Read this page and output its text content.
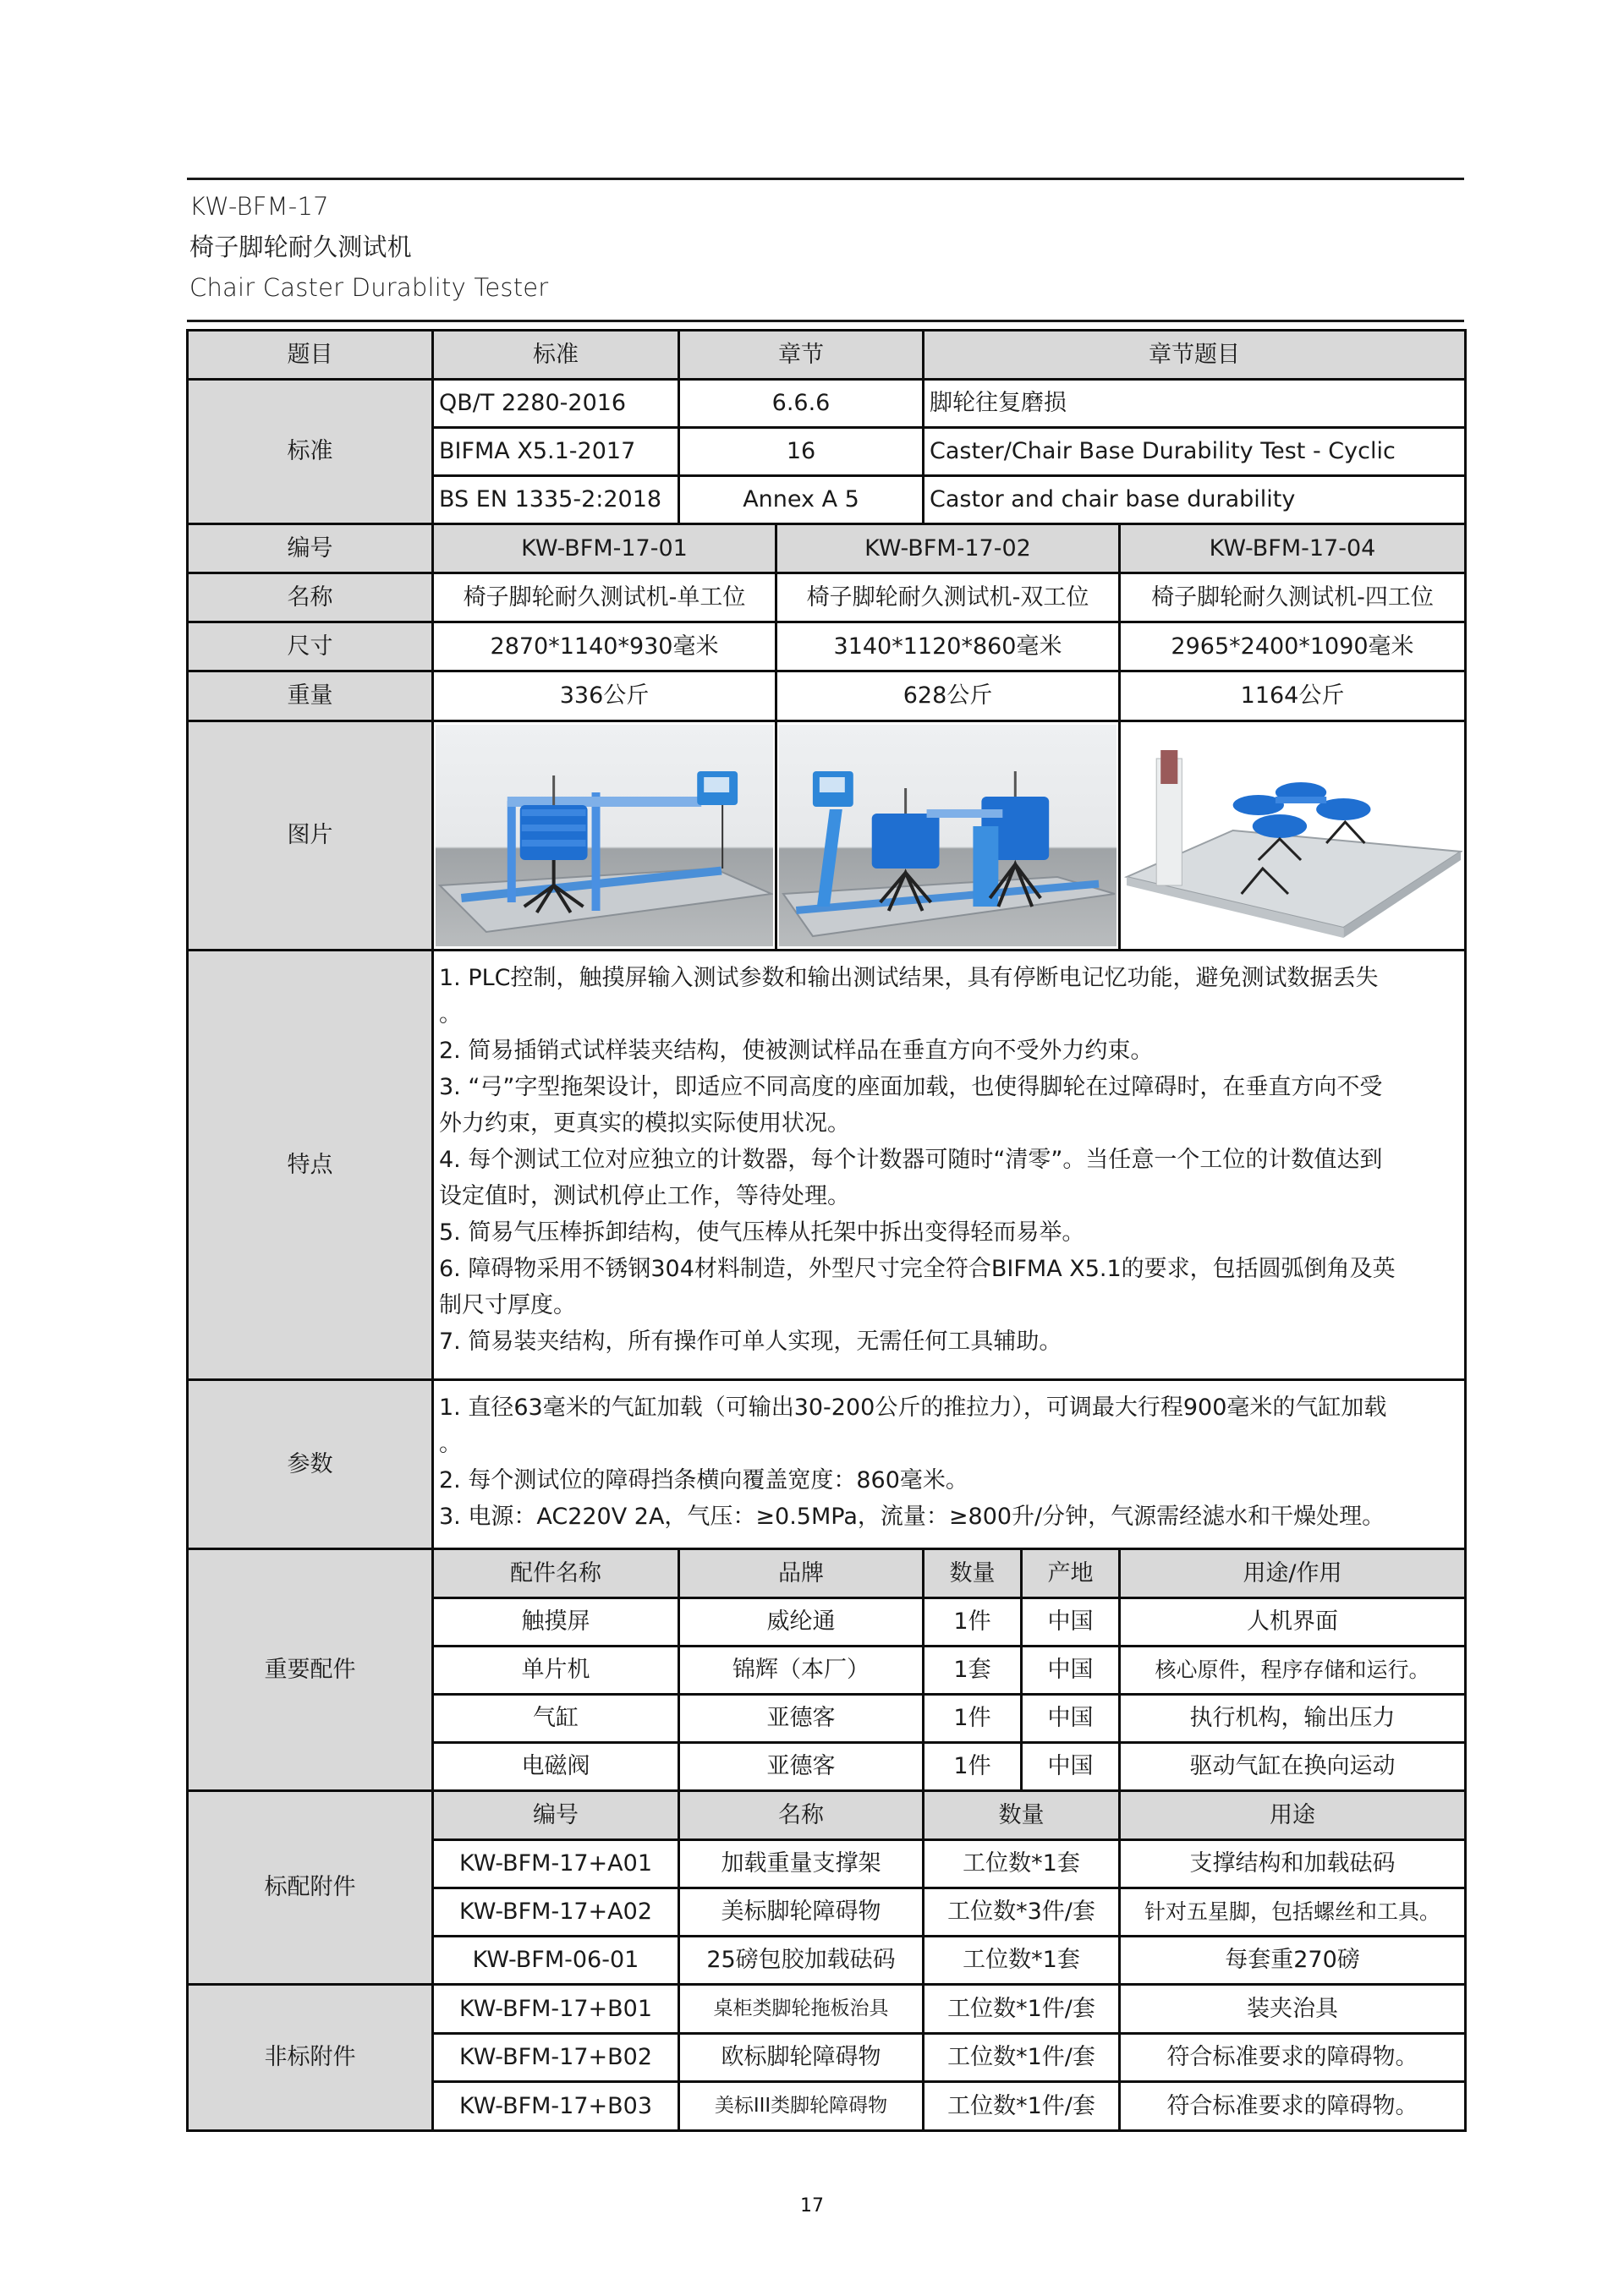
KW-BFM-17
椅子脚轮耐久测试机
Chair Caster Durablity Tester
题目	标准	章节		章节题目		
标准	QB/T 2280-2016	6.6.6		脚轮往复磨损		
	BIFMA X5.1-2017	16		Caster/Chair Base Durability Test - Cyclic		
	BS EN 1335-2:2018	Annex A 5		Castor and chair base durability		
编号	KW-BFM-17-01		KW-BFM-17-02			KW-BFM-17-04
名称	椅子脚轮耐久测试机-单工位		椅子脚轮耐久测试机-双工位			椅子脚轮耐久测试机-四工位
尺寸	2870*1140*930毫米		3140*1120*860毫米			2965*2400*1090毫米
重量	336公斤		628公斤			1164公斤
图片	

特点	
1. PLC控制，触摸屏输入测试参数和输出测试结果，具有停断电记忆功能，避免测试数据丢失
。
2. 简易插销式试样装夹结构，使被测试样品在垂直方向不受外力约束。
3. “弓”字型拖架设计，即适应不同高度的座面加载，也使得脚轮在过障碍时，在垂直方向不受
外力约束，更真实的模拟实际使用状况。
4. 每个测试工位对应独立的计数器，每个计数器可随时“清零”。当任意一个工位的计数值达到
设定值时，测试机停止工作，等待处理。
5. 简易气压棒拆卸结构，使气压棒从托架中拆出变得轻而易举。
6. 障碍物采用不锈钢304材料制造，外型尺寸完全符合BIFMA X5.1的要求，包括圆弧倒角及英
制尺寸厚度。
7. 简易装夹结构，所有操作可单人实现，无需任何工具辅助。

参数	1. 直径63毫米的气缸加载（可输出30-200公斤的推拉力），可调最大行程900毫米的气缸加载
。
2. 每个测试位的障碍挡条横向覆盖宽度：860毫米。
3. 电源：AC220V 2A，气压：≥0.5MPa，流量：≥800升/分钟，气源需经滤水和干燥处理。					

重要配件	配件名称	品牌		数量	产地	用途/作用
	触摸屏	威纶通		1件	中国	人机界面
	单片机	锦辉（本厂）		1套	中国	核心原件，程序存储和运行。
	气缸	亚德客		1件	中国	执行机构，输出压力
	电磁阀	亚德客		1件	中国	驱动气缸在换向运动
标配附件	编号	名称		数量		用途
	KW-BFM-17+A01	加载重量支撑架		工位数*1套		支撑结构和加载砝码
	KW-BFM-17+A02	美标脚轮障碍物		工位数*3件/套		针对五星脚，包括螺丝和工具。
	KW-BFM-06-01	25磅包胶加载砝码		工位数*1套		每套重270磅
非标附件	KW-BFM-17+B01	桌柜类脚轮拖板治具		工位数*1件/套		装夹治具
	KW-BFM-17+B02	欧标脚轮障碍物		工位数*1件/套		符合标准要求的障碍物。
	KW-BFM-17+B03	美标III类脚轮障碍物		工位数*1件/套		符合标准要求的障碍物。
17
